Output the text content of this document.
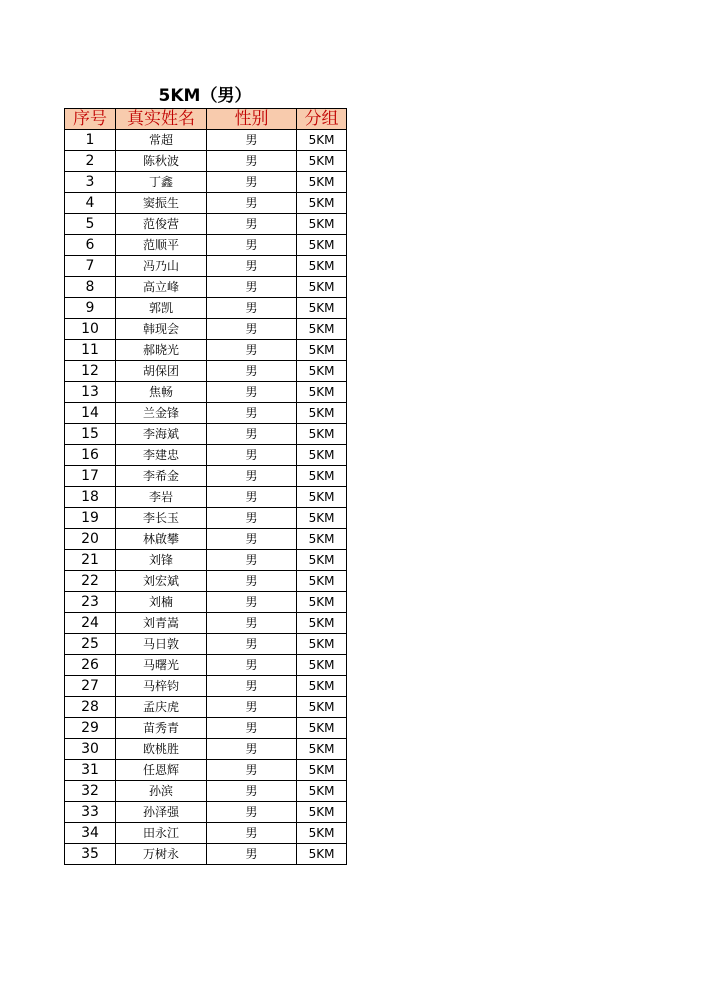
5KM（男）
序号	真实姓名	性别	分组
1	常超	男	5KM
2	陈秋波	男	5KM
3	丁鑫	男	5KM
4	窦振生	男	5KM
5	范俊营	男	5KM
6	范顺平	男	5KM
7	冯乃山	男	5KM
8	高立峰	男	5KM
9	郭凯	男	5KM
10	韩现会	男	5KM
11	郝晓光	男	5KM
12	胡保团	男	5KM
13	焦畅	男	5KM
14	兰金锋	男	5KM
15	李海斌	男	5KM
16	李建忠	男	5KM
17	李希金	男	5KM
18	李岩	男	5KM
19	李长玉	男	5KM
20	林啟攀	男	5KM
21	刘锋	男	5KM
22	刘宏斌	男	5KM
23	刘楠	男	5KM
24	刘青嵩	男	5KM
25	马日敦	男	5KM
26	马曙光	男	5KM
27	马梓钧	男	5KM
28	孟庆虎	男	5KM
29	苗秀青	男	5KM
30	欧桃胜	男	5KM
31	任恩辉	男	5KM
32	孙滨	男	5KM
33	孙泽强	男	5KM
34	田永江	男	5KM
35	万树永	男	5KM
